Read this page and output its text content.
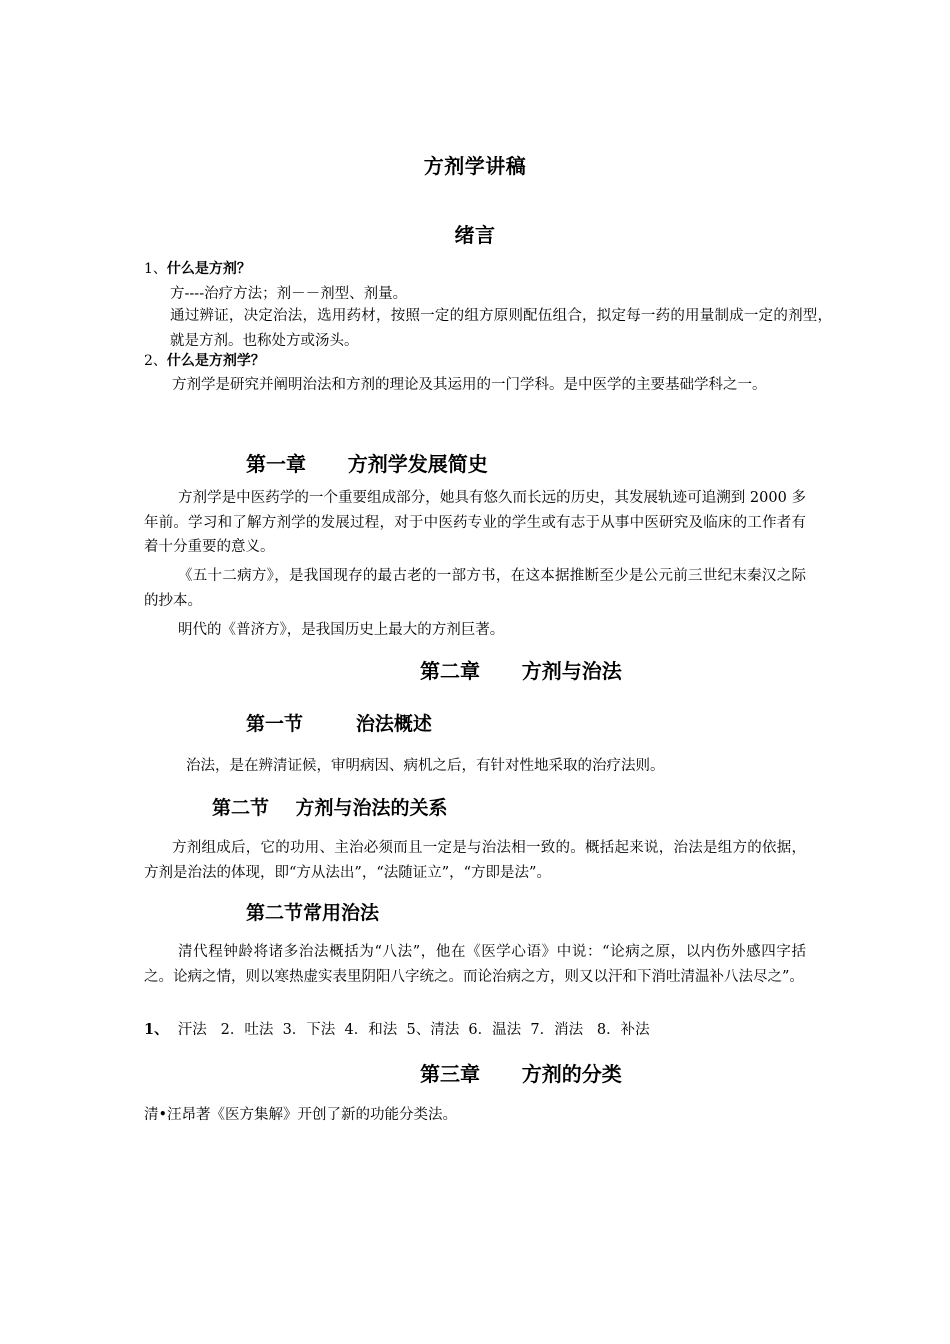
方剂学讲稿
绪言
1、什么是方剂？

方----治疗方法；剂－－剂型、剂量。

通过辨证，决定治法，选用药材，按照一定的组方原则配伍组合，拟定每一药的用量制成一定的剂型，就是方剂。也称处方或汤头。

2、什么是方剂学？

方剂学是研究并阐明治法和方剂的理论及其运用的一门学科。是中医学的主要基础学科之一。

第一章      方剂学发展简史

方剂学是中医药学的一个重要组成部分，她具有悠久而长远的历史，其发展轨迹可追溯到 2000 多年前。学习和了解方剂学的发展过程，对于中医药专业的学生或有志于从事中医研究及临床的工作者有着十分重要的意义。

《五十二病方》，是我国现存的最古老的一部方书，在这本据推断至少是公元前三世纪末秦汉之际的抄本。

明代的《普济方》，是我国历史上最大的方剂巨著。

第二章      方剂与治法
第一节        治法概述

治法，是在辨清证候，审明病因、病机之后，有针对性地采取的治疗法则。

第二节    方剂与治法的关系

方剂组成后，它的功用、主治必须而且一定是与治法相一致的。概括起来说，治法是组方的依据，方剂是治法的体现，即“方从法出”，“法随证立”，“方即是法”。

第二节常用治法

清代程钟龄将诸多治法概括为“八法”，他在《医学心语》中说：“论病之原，以内伤外感四字括之。论病之情，则以寒热虚实表里阴阳八字统之。而论治病之方，则又以汗和下消吐清温补八法尽之”。

1、  汗法   2．吐法  3．下法  4．和法  5、清法  6．温法  7．消法   8．补法
第三章      方剂的分类

清•汪昂著《医方集解》开创了新的功能分类法。
